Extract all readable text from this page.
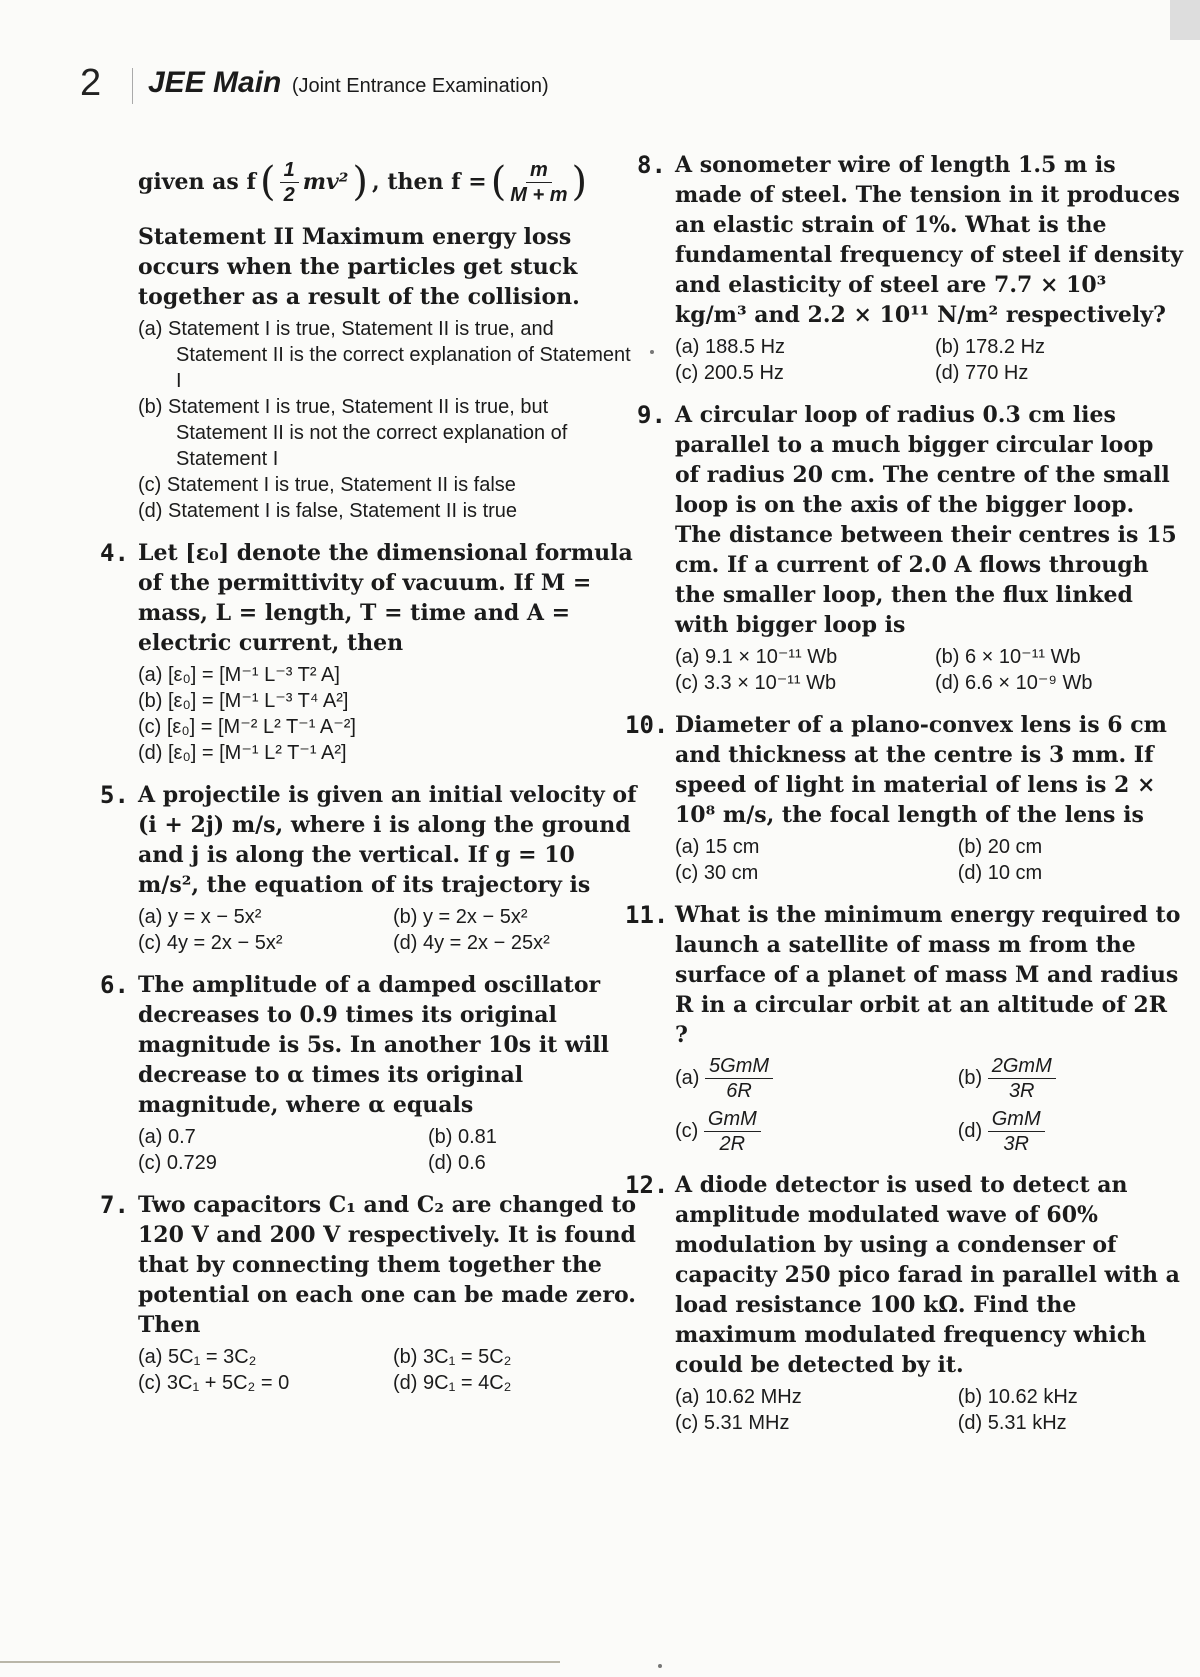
2 JEE Main (Joint Entrance Examination)
given as f ( $\frac{1}{2} mv^2$ ) , then f = ( $\frac{m}{M + m}$ )
Statement II Maximum energy loss occurs when the particles get stuck together as a result of the collision.
(a) Statement I is true, Statement II is true, and Statement II is the correct explanation of Statement I
(b) Statement I is true, Statement II is true, but Statement II is not the correct explanation of Statement I
(c) Statement I is true, Statement II is false
(d) Statement I is false, Statement II is true
4. Let [ε₀] denote the dimensional formula of the permittivity of vacuum. If M = mass, L = length, T = time and A = electric current, then
(a) [ε₀] = [M⁻¹ L⁻³ T² A]
(b) [ε₀] = [M⁻¹ L⁻³ T⁴ A²]
(c) [ε₀] = [M⁻² L² T⁻¹ A⁻²]
(d) [ε₀] = [M⁻¹ L² T⁻¹ A²]
5. A projectile is given an initial velocity of (i + 2j) m/s, where i is along the ground and j is along the vertical. If g = 10 m/s², the equation of its trajectory is
(a) y = x − 5x²	(b) y = 2x − 5x²
(c) 4y = 2x − 5x²	(d) 4y = 2x − 25x²
6. The amplitude of a damped oscillator decreases to 0.9 times its original magnitude is 5s. In another 10s it will decrease to α times its original magnitude, where α equals
(a) 0.7	(b) 0.81
(c) 0.729	(d) 0.6
7. Two capacitors C₁ and C₂ are changed to 120 V and 200 V respectively. It is found that by connecting them together the potential on each one can be made zero. Then
(a) 5C₁ = 3C₂	(b) 3C₁ = 5C₂
(c) 3C₁ + 5C₂ = 0	(d) 9C₁ = 4C₂
8. A sonometer wire of length 1.5 m is made of steel. The tension in it produces an elastic strain of 1%. What is the fundamental frequency of steel if density and elasticity of steel are 7.7 × 10³ kg/m³ and 2.2 × 10¹¹ N/m² respectively?
(a) 188.5 Hz	(b) 178.2 Hz
(c) 200.5 Hz	(d) 770 Hz
9. A circular loop of radius 0.3 cm lies parallel to a much bigger circular loop of radius 20 cm. The centre of the small loop is on the axis of the bigger loop. The distance between their centres is 15 cm. If a current of 2.0 A flows through the smaller loop, then the flux linked with bigger loop is
(a) 9.1 × 10⁻¹¹ Wb	(b) 6 × 10⁻¹¹ Wb
(c) 3.3 × 10⁻¹¹ Wb	(d) 6.6 × 10⁻⁹ Wb
10. Diameter of a plano-convex lens is 6 cm and thickness at the centre is 3 mm. If speed of light in material of lens is 2 × 10⁸ m/s, the focal length of the lens is
(a) 15 cm	(b) 20 cm
(c) 30 cm	(d) 10 cm
11. What is the minimum energy required to launch a satellite of mass m from the surface of a planet of mass M and radius R in a circular orbit at an altitude of 2R ?
$(a) \frac{\text{5GmM}}{6R}$	$(b) \frac{\text{2GmM}}{3R}$
$(c) \frac{\text{GmM}}{2R}$	$(d) \frac{\text{GmM}}{3R}$
12. A diode detector is used to detect an amplitude modulated wave of 60% modulation by using a condenser of capacity 250 pico farad in parallel with a load resistance 100 kΩ. Find the maximum modulated frequency which could be detected by it.
(a) 10.62 MHz	(b) 10.62 kHz
(c) 5.31 MHz	(d) 5.31 kHz
